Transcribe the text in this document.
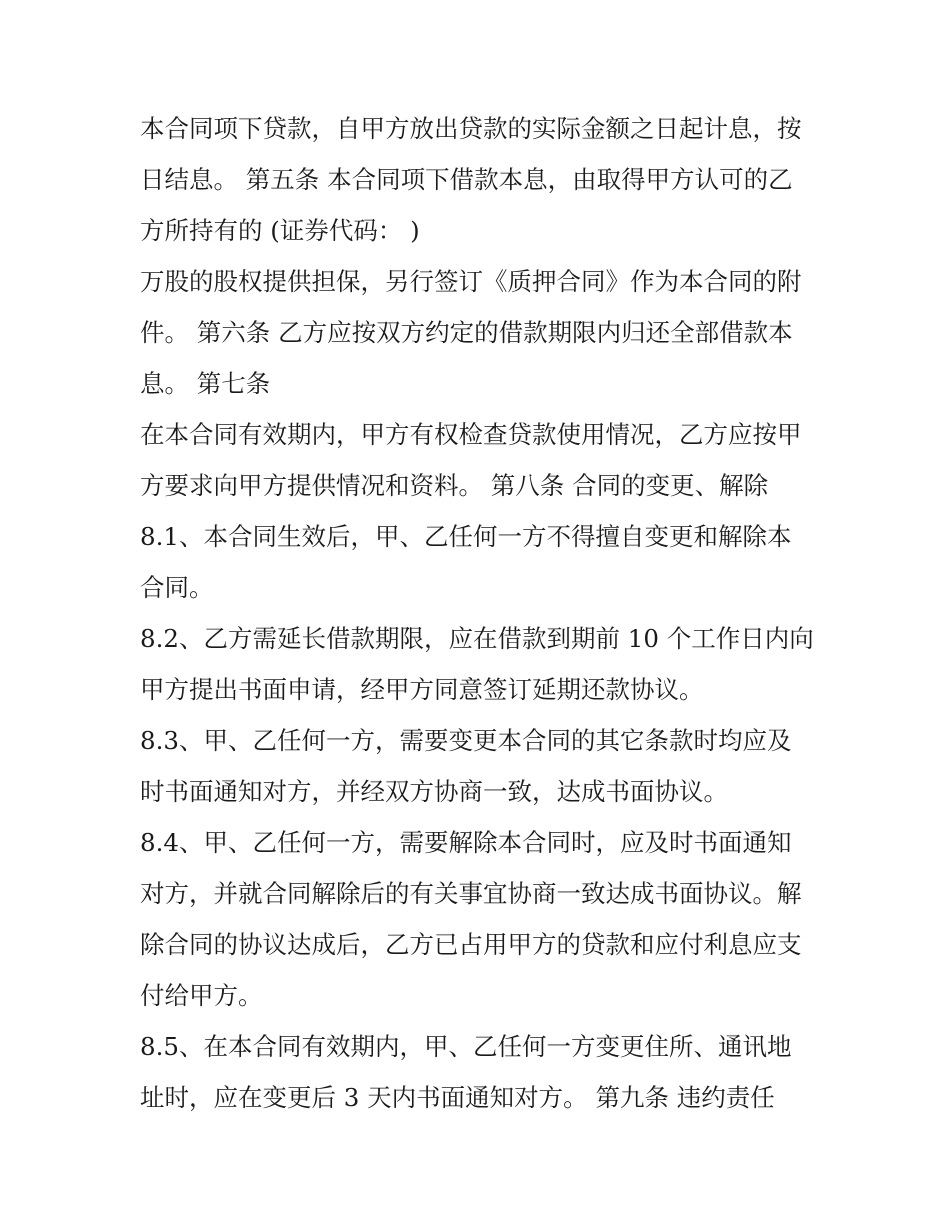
本合同项下贷款，自甲方放出贷款的实际金额之日起计息，按
日结息。 第五条 本合同项下借款本息，由取得甲方认可的乙
方所持有的 (证券代码： )

万股的股权提供担保，另行签订《质押合同》作为本合同的附
件。 第六条 乙方应按双方约定的借款期限内归还全部借款本
息。 第七条

在本合同有效期内，甲方有权检查贷款使用情况，乙方应按甲
方要求向甲方提供情况和资料。 第八条 合同的变更、解除

8.1、本合同生效后，甲、乙任何一方不得擅自变更和解除本
合同。

8.2、乙方需延长借款期限，应在借款到期前 10 个工作日内向
甲方提出书面申请，经甲方同意签订延期还款协议。

8.3、甲、乙任何一方，需要变更本合同的其它条款时均应及
时书面通知对方，并经双方协商一致，达成书面协议。

8.4、甲、乙任何一方，需要解除本合同时，应及时书面通知
对方，并就合同解除后的有关事宜协商一致达成书面协议。解
除合同的协议达成后，乙方已占用甲方的贷款和应付利息应支
付给甲方。

8.5、在本合同有效期内，甲、乙任何一方变更住所、通讯地
址时，应在变更后 3 天内书面通知对方。 第九条 违约责任
